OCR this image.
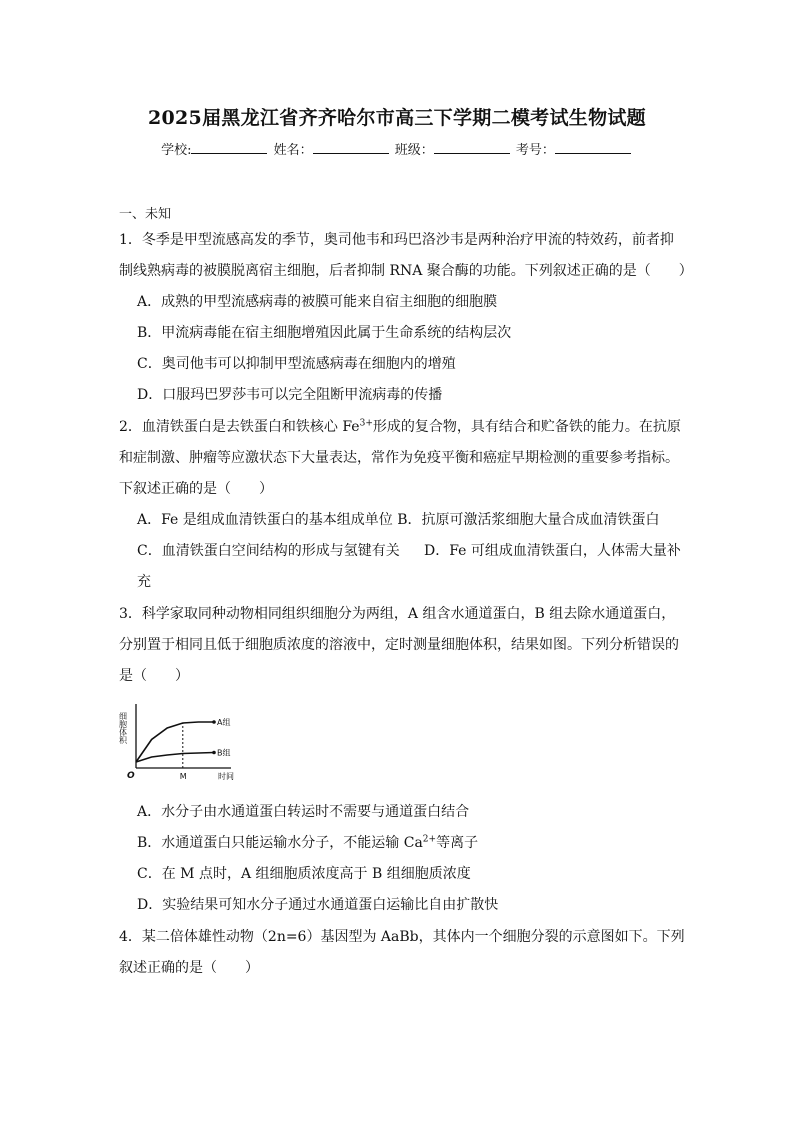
2025届黑龙江省齐齐哈尔市高三下学期二模考试生物试题
学校:	姓名：	班级：	考号：
一、未知
1．冬季是甲型流感高发的季节，奥司他韦和玛巴洛沙韦是两种治疗甲流的特效药，前者抑
制线熟病毒的被膜脱离宿主细胞，后者抑制 RNA 聚合酶的功能。下列叙述正确的是（　　）
A．成熟的甲型流感病毒的被膜可能来自宿主细胞的细胞膜
B．甲流病毒能在宿主细胞增殖因此属于生命系统的结构层次
C．奥司他韦可以抑制甲型流感病毒在细胞内的增殖
D．口服玛巴罗莎韦可以完全阻断甲流病毒的传播
2．血清铁蛋白是去铁蛋白和铁核心 $Fe^{3+}$形成的复合物，具有结合和贮备铁的能力。在抗原
和症制激、肿瘤等应激状态下大量表达，常作为免疫平衡和癌症早期检测的重要参考指标。
下叙述正确的是（　　）
A．Fe 是组成血清铁蛋白的基本组成单位 B．抗原可激活浆细胞大量合成血清铁蛋白
C．血清铁蛋白空间结构的形成与氢键有关 D．Fe 可组成血清铁蛋白，人体需大量补
充
3．科学家取同种动物相同组织细胞分为两组，A 组含水通道蛋白，B 组去除水通道蛋白，
分别置于相同且低于细胞质浓度的溶液中，定时测量细胞体积，结果如图。下列分析错误的
是（　　）
A组
B组
细胞体积
时间
O	M
A．水分子由水通道蛋白转运时不需要与通道蛋白结合
B．水通道蛋白只能运输水分子，不能运输 $Ca^{2+}$等离子
C．在 M 点时，A 组细胞质浓度高于 B 组细胞质浓度
D．实验结果可知水分子通过水通道蛋白运输比自由扩散快
4．某二倍体雄性动物（2n=6）基因型为 AaBb，其体内一个细胞分裂的示意图如下。下列
叙述正确的是（　　）
